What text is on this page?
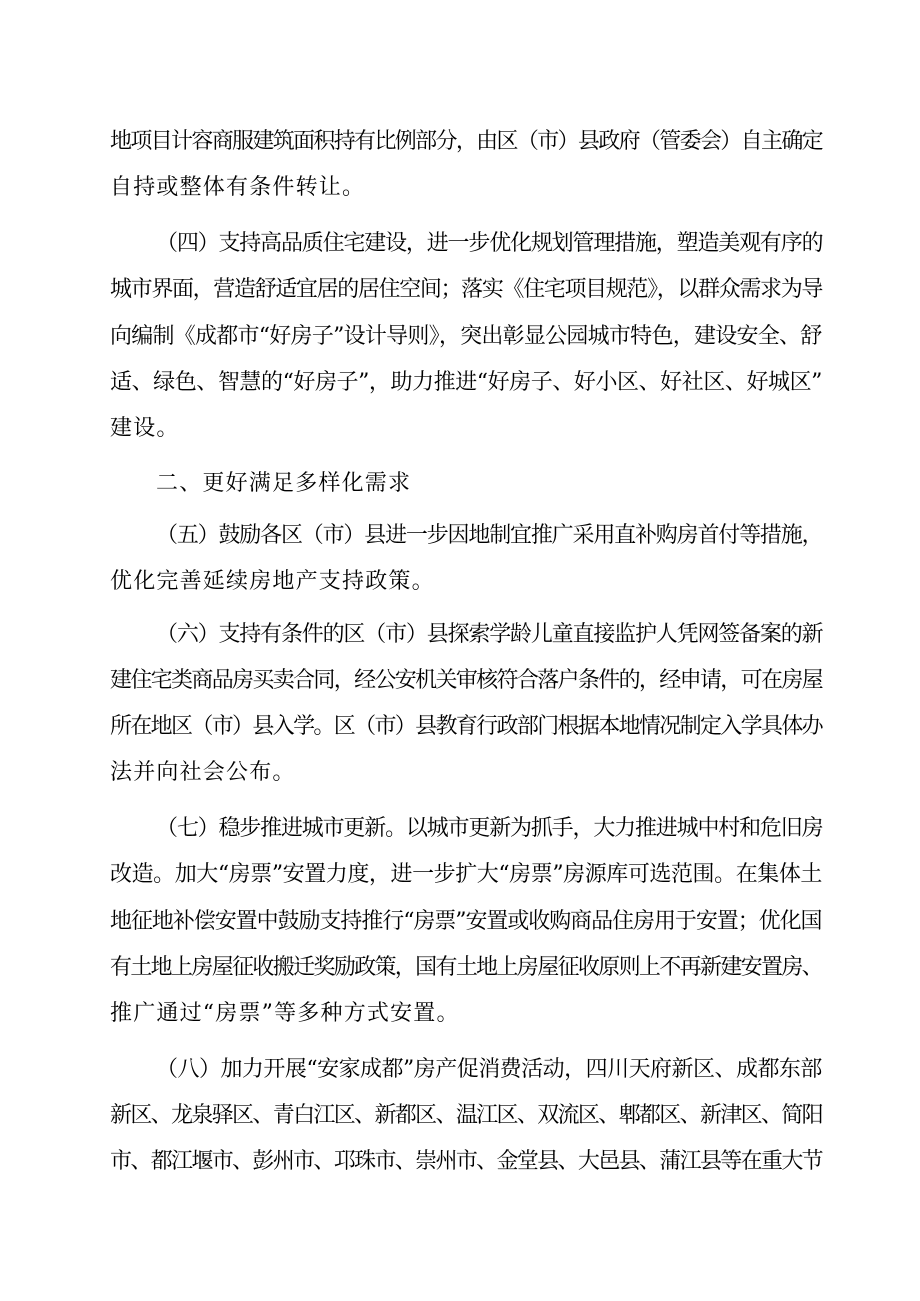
地项目计容商服建筑面积持有比例部分，由区（市）县政府（管委会）自主确定
自持或整体有条件转让。
（四）支持高品质住宅建设，进一步优化规划管理措施，塑造美观有序的
城市界面，营造舒适宜居的居住空间；落实《住宅项目规范》，以群众需求为导
向编制《成都市“好房子”设计导则》，突出彰显公园城市特色，建设安全、舒
适、绿色、智慧的“好房子”，助力推进“好房子、好小区、好社区、好城区”
建设。
二、更好满足多样化需求
（五）鼓励各区（市）县进一步因地制宜推广采用直补购房首付等措施，
优化完善延续房地产支持政策。
（六）支持有条件的区（市）县探索学龄儿童直接监护人凭网签备案的新
建住宅类商品房买卖合同，经公安机关审核符合落户条件的，经申请，可在房屋
所在地区（市）县入学。区（市）县教育行政部门根据本地情况制定入学具体办
法并向社会公布。
（七）稳步推进城市更新。以城市更新为抓手，大力推进城中村和危旧房
改造。加大“房票”安置力度，进一步扩大“房票”房源库可选范围。在集体土
地征地补偿安置中鼓励支持推行“房票”安置或收购商品住房用于安置；优化国
有土地上房屋征收搬迁奖励政策，国有土地上房屋征收原则上不再新建安置房、
推广通过“房票”等多种方式安置。
（八）加力开展“安家成都”房产促消费活动，四川天府新区、成都东部
新区、龙泉驿区、青白江区、新都区、温江区、双流区、郫都区、新津区、简阳
市、都江堰市、彭州市、邛珠市、崇州市、金堂县、大邑县、蒲江县等在重大节
